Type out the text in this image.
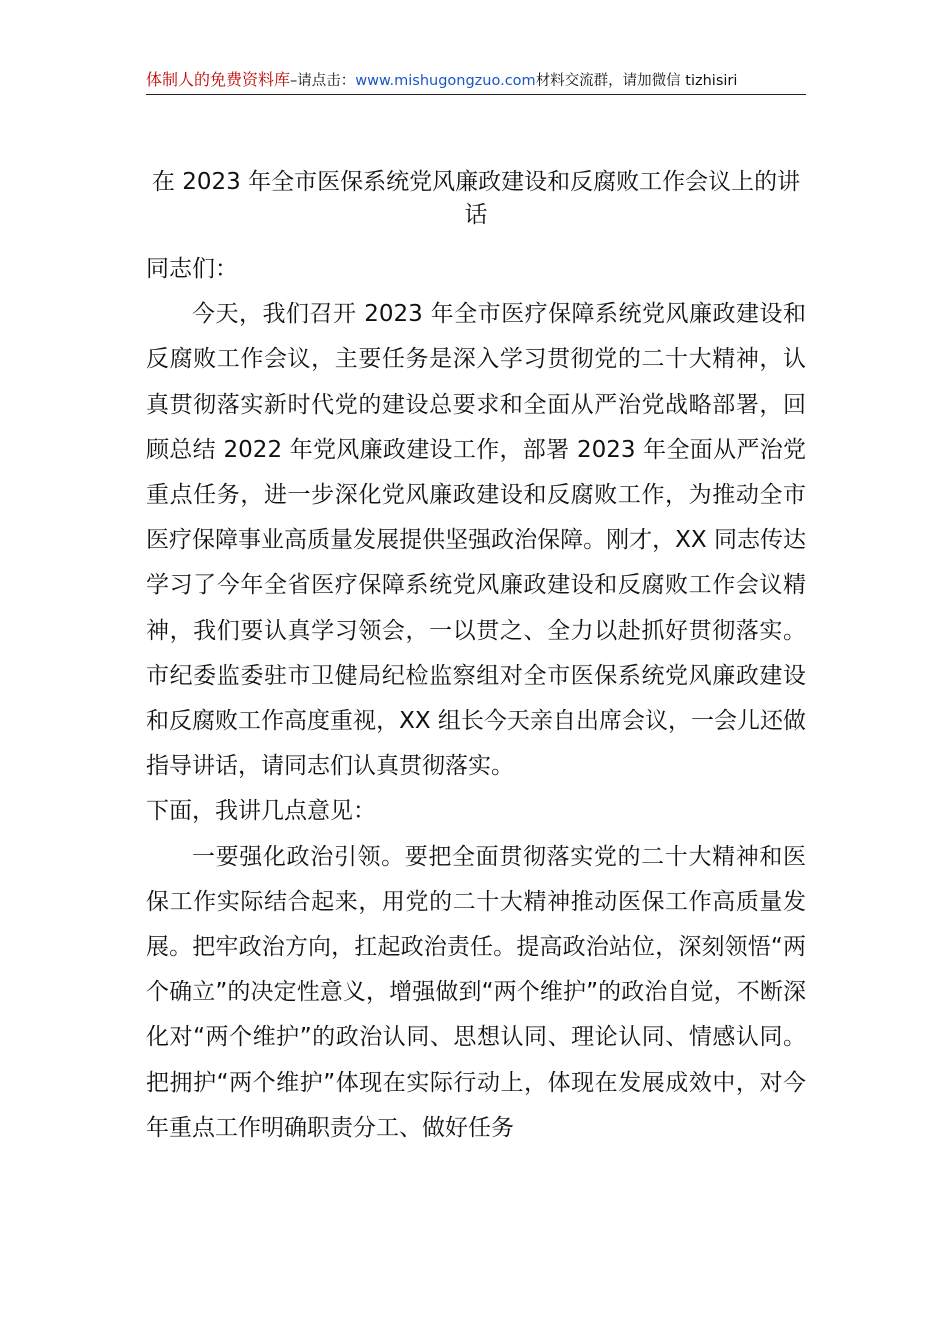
体制人的免费资料库–请点击：www.mishugongzuo.com材料交流群，请加微信 tizhisiri
在 2023 年全市医保系统党风廉政建设和反腐败工作会议上的讲话

同志们：

今天，我们召开 2023 年全市医疗保障系统党风廉政建设和反腐败工作会议，主要任务是深入学习贯彻党的二十大精神，认真贯彻落实新时代党的建设总要求和全面从严治党战略部署，回顾总结 2022 年党风廉政建设工作，部署 2023 年全面从严治党重点任务，进一步深化党风廉政建设和反腐败工作，为推动全市医疗保障事业高质量发展提供坚强政治保障。刚才，XX 同志传达学习了今年全省医疗保障系统党风廉政建设和反腐败工作会议精神，我们要认真学习领会，一以贯之、全力以赴抓好贯彻落实。市纪委监委驻市卫健局纪检监察组对全市医保系统党风廉政建设和反腐败工作高度重视，XX 组长今天亲自出席会议，一会儿还做指导讲话，请同志们认真贯彻落实。

下面，我讲几点意见：

一要强化政治引领。要把全面贯彻落实党的二十大精神和医保工作实际结合起来，用党的二十大精神推动医保工作高质量发展。把牢政治方向，扛起政治责任。提高政治站位，深刻领悟“两个确立”的决定性意义，增强做到“两个维护”的政治自觉，不断深化对“两个维护”的政治认同、思想认同、理论认同、情感认同。把拥护“两个维护”体现在实际行动上，体现在发展成效中，对今年重点工作明确职责分工、做好任务
